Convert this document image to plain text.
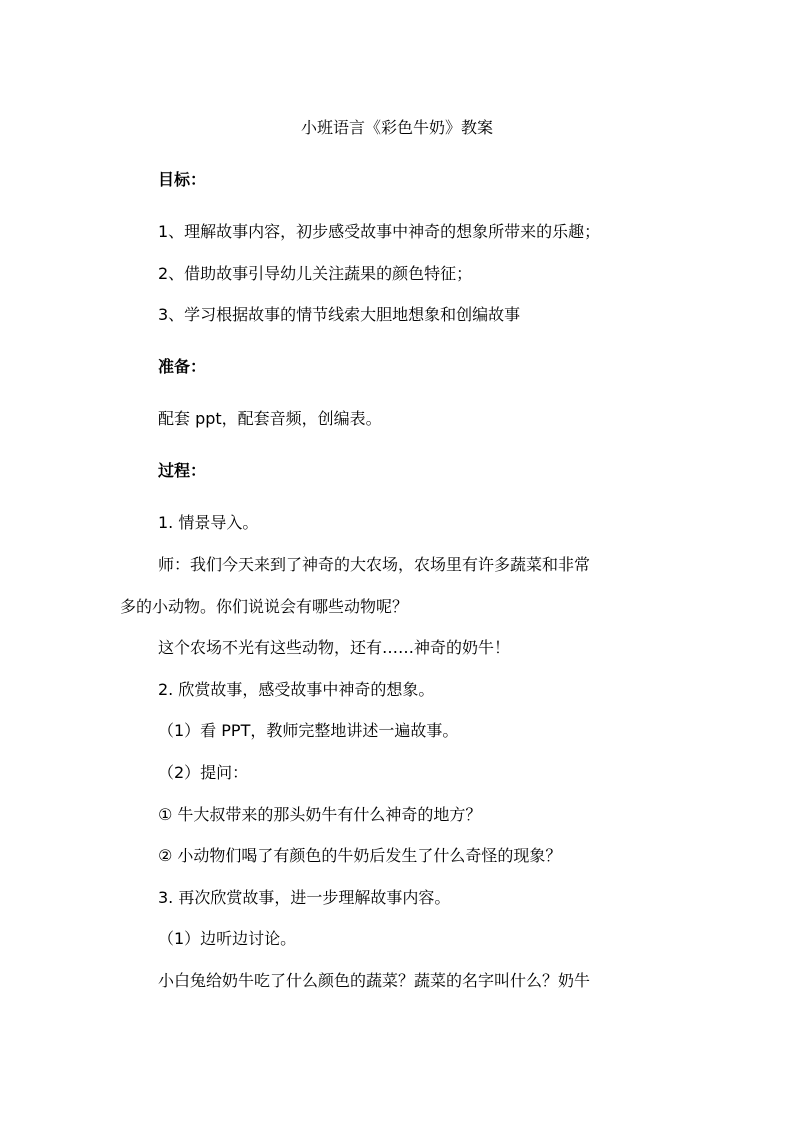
小班语言《彩色牛奶》教案
目标：
1、理解故事内容，初步感受故事中神奇的想象所带来的乐趣；
2、借助故事引导幼儿关注蔬果的颜色特征；
3、学习根据故事的情节线索大胆地想象和创编故事
准备：
配套 ppt，配套音频，创编表。
过程：
1. 情景导入。
师：我们今天来到了神奇的大农场，农场里有许多蔬菜和非常
多的小动物。你们说说会有哪些动物呢？
这个农场不光有这些动物，还有……神奇的奶牛！
2. 欣赏故事，感受故事中神奇的想象。
（1）看 PPT，教师完整地讲述一遍故事。
（2）提问：
① 牛大叔带来的那头奶牛有什么神奇的地方？
② 小动物们喝了有颜色的牛奶后发生了什么奇怪的现象？
3. 再次欣赏故事，进一步理解故事内容。
（1）边听边讨论。
小白兔给奶牛吃了什么颜色的蔬菜？蔬菜的名字叫什么？奶牛
